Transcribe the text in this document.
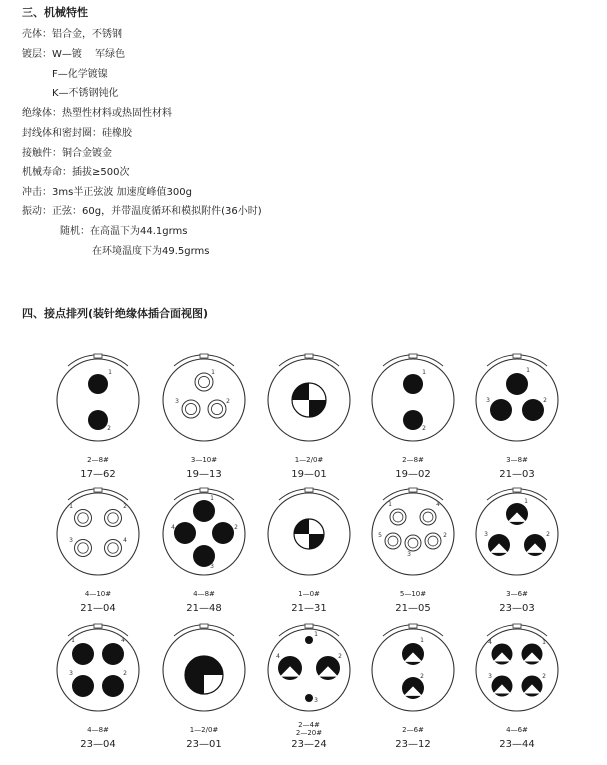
三、机械特性
壳体：铝合金，不锈钢
镀层：W—镀　 军绿色
F—化学镀镍
K—不锈钢钝化
绝缘体：热塑性材料或热固性材料
封线体和密封圈：硅橡胶
接触件：铜合金镀金
机械寿命：插拔≥500次
冲击：3ms半正弦波 加速度峰值300g
振动：正弦：60g，并带温度循环和模拟附件(36小时)
随机：在高温下为44.1grms
在环境温度下为49.5grms
四、接点排列(装针绝缘体插合面视图)
1
2
2—8#
17—62
1
3	2
3—10#
19—13
1—2/0#
19—01
1
2
2—8#
19—02
1
3	2
3—8#
21—03
1	2
3	4
4—10#
21—04
1
4	2
3
4—8#
21—48
1—0#
21—31
1	4
5
3
2
5—10#
21—05
1
3	2
3—6#
23—03
1	4
3	2
4—8#
23—04
1—2/0#
23—01
1
4	2
3
2—4#
2—20#
23—24
1
2
2—6#
23—12
4	1
3	2
4—6#
23—44
